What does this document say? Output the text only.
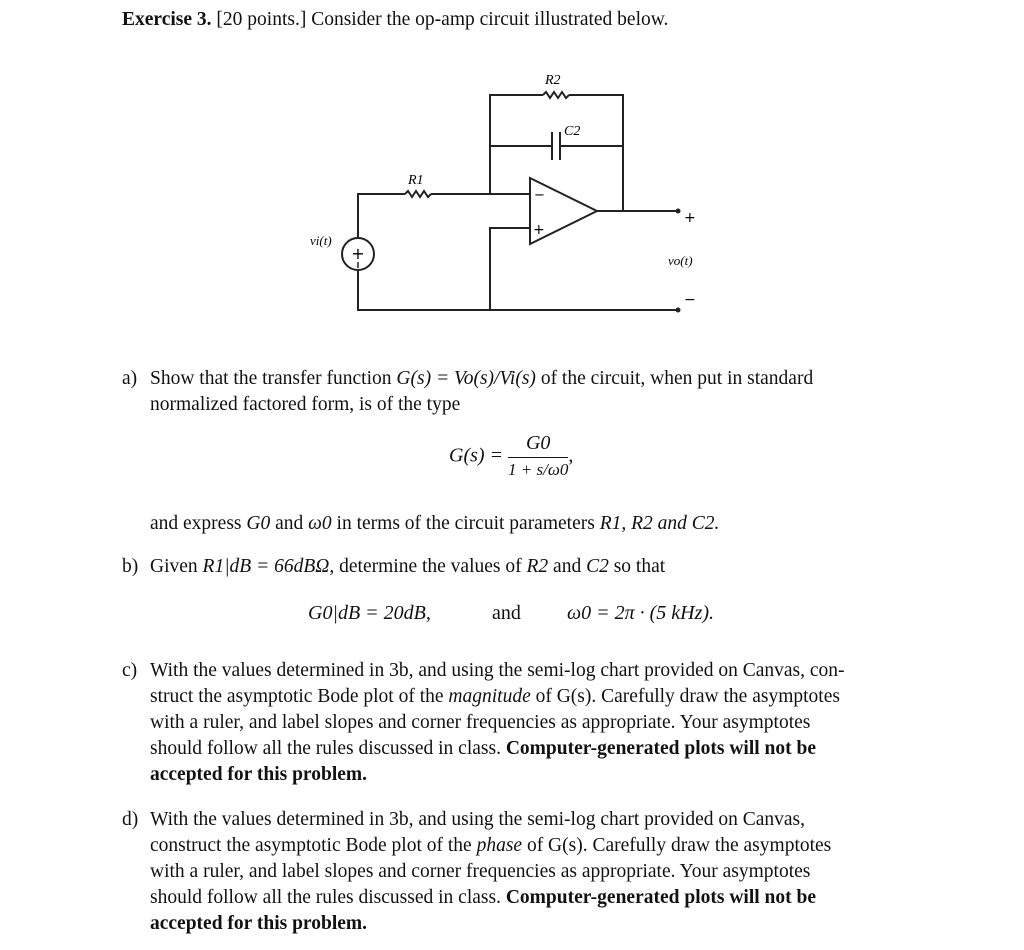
Exercise 3. [20 points.] Consider the op-amp circuit illustrated below.
+
−
+
R2
C2
R1
vi(t)
+
vo(t)
−
a) Show that the transfer function G(s) = Vo(s)/Vi(s) of the circuit, when put in standard
normalized factored form, is of the type
$G(s) = \frac{G0}{1 + s/\omega 0}$ ,
and express G0 and ω0 in terms of the circuit parameters R1, R2 and C2.
b) Given R1|dB = 66dBΩ, determine the values of R2 and C2 so that
G0|dB = 20dB,	and ω0 = 2π · (5 kHz).
c) With the values determined in 3b, and using the semi-log chart provided on Canvas, con-
struct the asymptotic Bode plot of the magnitude of G(s). Carefully draw the asymptotes
with a ruler, and label slopes and corner frequencies as appropriate. Your asymptotes
should follow all the rules discussed in class. Computer-generated plots will not be
accepted for this problem.
d) With the values determined in 3b, and using the semi-log chart provided on Canvas,
construct the asymptotic Bode plot of the phase of G(s). Carefully draw the asymptotes
with a ruler, and label slopes and corner frequencies as appropriate. Your asymptotes
should follow all the rules discussed in class. Computer-generated plots will not be
accepted for this problem.
